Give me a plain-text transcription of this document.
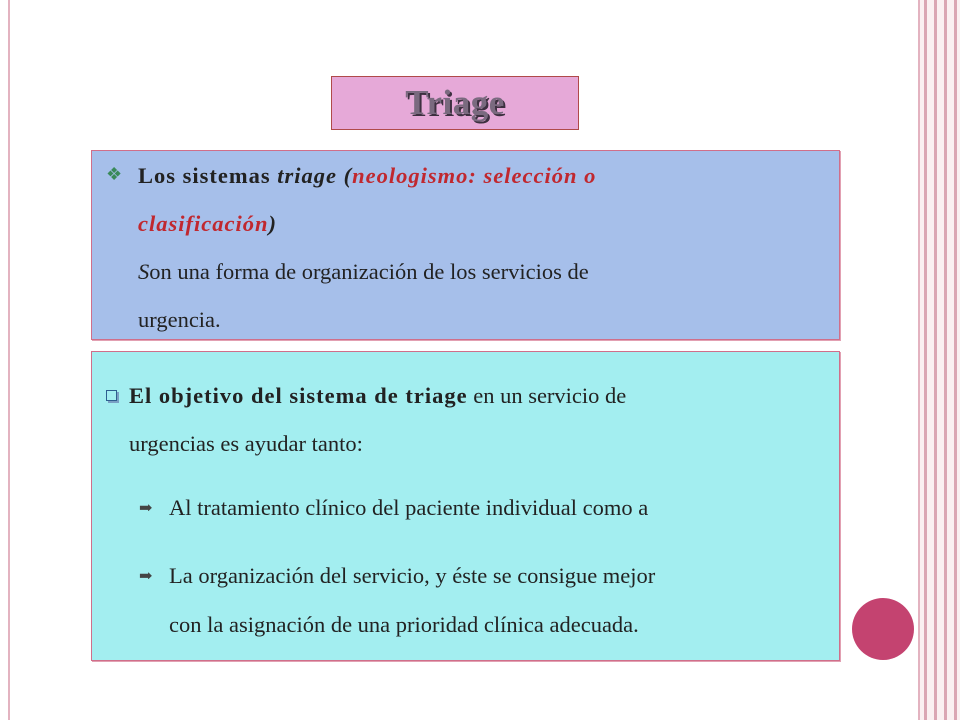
Triage
❖ Los sistemas triage (neologismo: selección o
clasificación)
Son una forma de organización de los servicios de
urgencia.
El objetivo del sistema de triage en un servicio de
urgencias es ayudar tanto:
➡ Al tratamiento clínico del paciente individual como a
➡ La organización del servicio, y éste se consigue mejor
con la asignación de una prioridad clínica adecuada.
